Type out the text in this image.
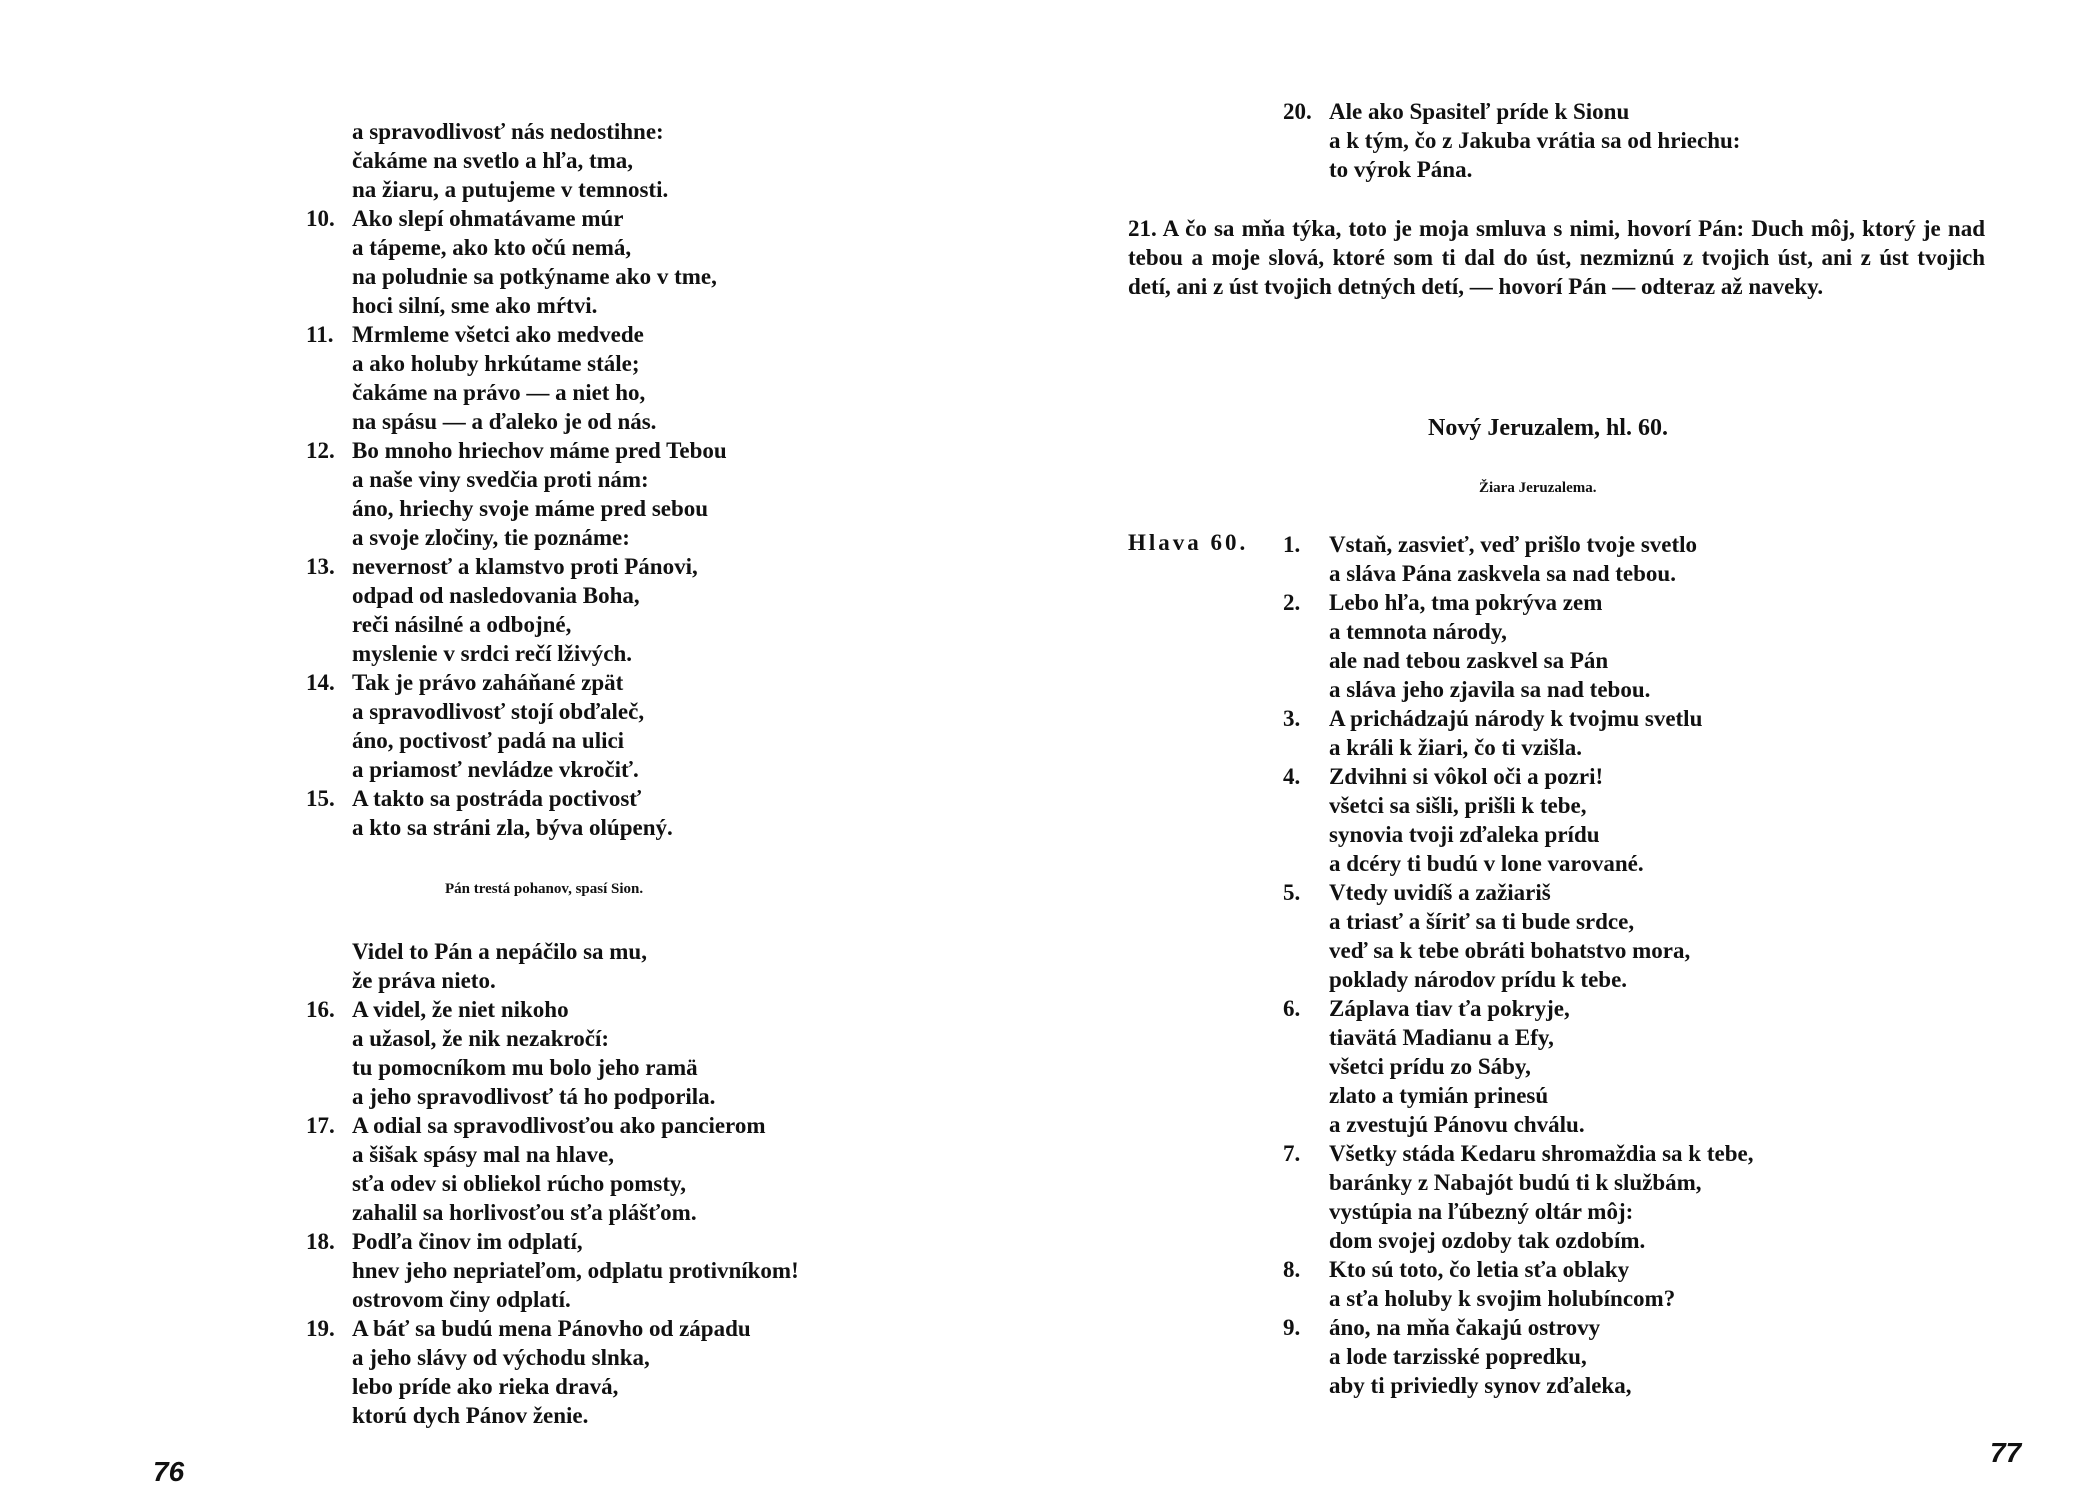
a spravodlivosť nás nedostihne:
čakáme na svetlo a hľa, tma,
na žiaru, a putujeme v temnosti.
10. Ako slepí ohmatávame múr
a tápeme, ako kto očú nemá,
na poludnie sa potkýname ako v tme,
hoci silní, sme ako mŕtvi.
11. Mrmleme všetci ako medvede
a ako holuby hrkútame stále;
čakáme na právo — a niet ho,
na spásu — a ďaleko je od nás.
12. Bo mnoho hriechov máme pred Tebou
a naše viny svedčia proti nám:
áno, hriechy svoje máme pred sebou
a svoje zločiny, tie poznáme:
13. nevernosť a klamstvo proti Pánovi,
odpad od nasledovania Boha,
reči násilné a odbojné,
myslenie v srdci rečí lživých.
14. Tak je právo zaháňané zpät
a spravodlivosť stojí obďaleč,
áno, poctivosť padá na ulici
a priamosť nevládze vkročiť.
15. A takto sa postráda poctivosť
a kto sa stráni zla, býva olúpený.
Pán trestá pohanov, spasí Sion.
Videl to Pán a nepáčilo sa mu,
že práva nieto.
16. A videl, že niet nikoho
a užasol, že nik nezakročí:
tu pomocníkom mu bolo jeho ramä
a jeho spravodlivosť tá ho podporila.
17. A odial sa spravodlivosťou ako pancierom
a šišak spásy mal na hlave,
sťa odev si obliekol rúcho pomsty,
zahalil sa horlivosťou sťa plášťom.
18. Podľa činov im odplatí,
hnev jeho nepriateľom, odplatu protivníkom!
ostrovom činy odplatí.
19. A báť sa budú mena Pánovho od západu
a jeho slávy od východu slnka,
lebo príde ako rieka dravá,
ktorú dych Pánov ženie.
76
20. Ale ako Spasiteľ príde k Sionu
a k tým, čo z Jakuba vrátia sa od hriechu:
to výrok Pána.
21. A čo sa mňa týka, toto je moja smluva s nimi, hovorí Pán: Duch môj, ktorý je nad tebou a moje slová, ktoré som ti dal do úst, nezmiznú z tvojich úst, ani z úst tvojich detí, ani z úst tvojich detných detí, — hovorí Pán — odteraz až naveky.
Nový Jeruzalem, hl. 60.
Žiara Jeruzalema.
Hlava 60. 1. Vstaň, zasvieť, veď prišlo tvoje svetlo
a sláva Pána zaskvela sa nad tebou.
2. Lebo hľa, tma pokrýva zem
a temnota národy,
ale nad tebou zaskvel sa Pán
a sláva jeho zjavila sa nad tebou.
3. A prichádzajú národy k tvojmu svetlu
a králi k žiari, čo ti vzišla.
4. Zdvihni si vôkol oči a pozri!
všetci sa sišli, prišli k tebe,
synovia tvoji zďaleka prídu
a dcéry ti budú v lone varované.
5. Vtedy uvidíš a zažiariš
a triasť a šíriť sa ti bude srdce,
veď sa k tebe obráti bohatstvo mora,
poklady národov prídu k tebe.
6. Záplava tiav ťa pokryje,
tiavätá Madianu a Efy,
všetci prídu zo Sáby,
zlato a tymián prinesú
a zvestujú Pánovu chválu.
7. Všetky stáda Kedaru shromaždia sa k tebe,
baránky z Nabajót budú ti k službám,
vystúpia na ľúbezný oltár môj:
dom svojej ozdoby tak ozdobím.
8. Kto sú toto, čo letia sťa oblaky
a sťa holuby k svojim holubíncom?
9. áno, na mňa čakajú ostrovy
a lode tarzisské popredku,
aby ti priviedly synov zďaleka,
77
